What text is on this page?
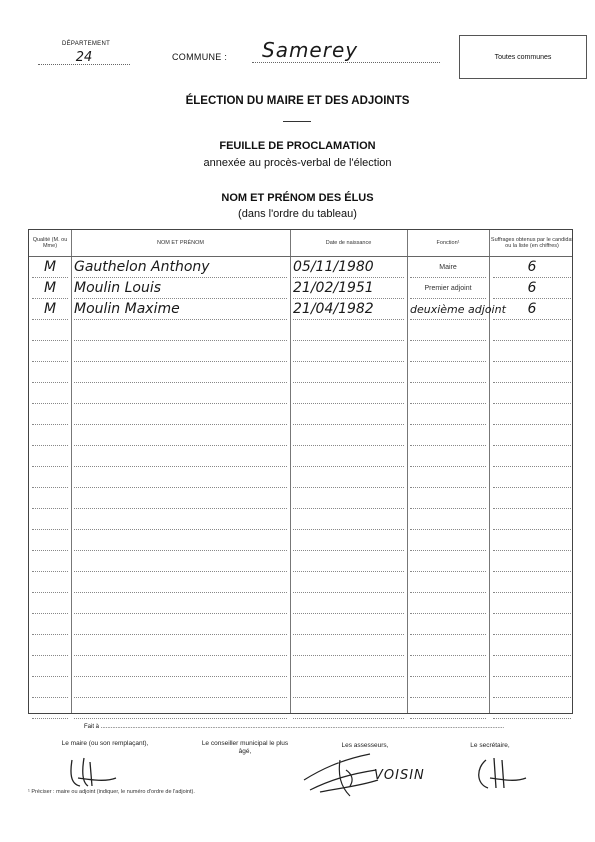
DÉPARTEMENT
24	COMMUNE :	Samerey	Toutes communes
ÉLECTION DU MAIRE ET DES ADJOINTS
FEUILLE DE PROCLAMATION
annexée au procès-verbal de l'élection
NOM ET PRÉNOM DES ÉLUS
(dans l'ordre du tableau)
Qualité (M. ou Mme)	NOM ET PRÉNOM	Date de naissance	Fonction¹	Suffrages obtenus par le candidat ou la liste (en chiffres)
M	Gauthelon Anthony	05/11/1980	Maire	6
M	Moulin Louis	21/02/1951	Premier adjoint	6
M	Moulin Maxime	21/04/1982	deuxième adjoint	6
Fait à ..................................................................................................................................................................................................................................................
Le maire (ou son remplaçant),	Le conseiller municipal le plus âgé,
Les assesseurs,	Le secrétaire,
VOISIN
¹ Préciser : maire ou adjoint (indiquer, le numéro d'ordre de l'adjoint).
